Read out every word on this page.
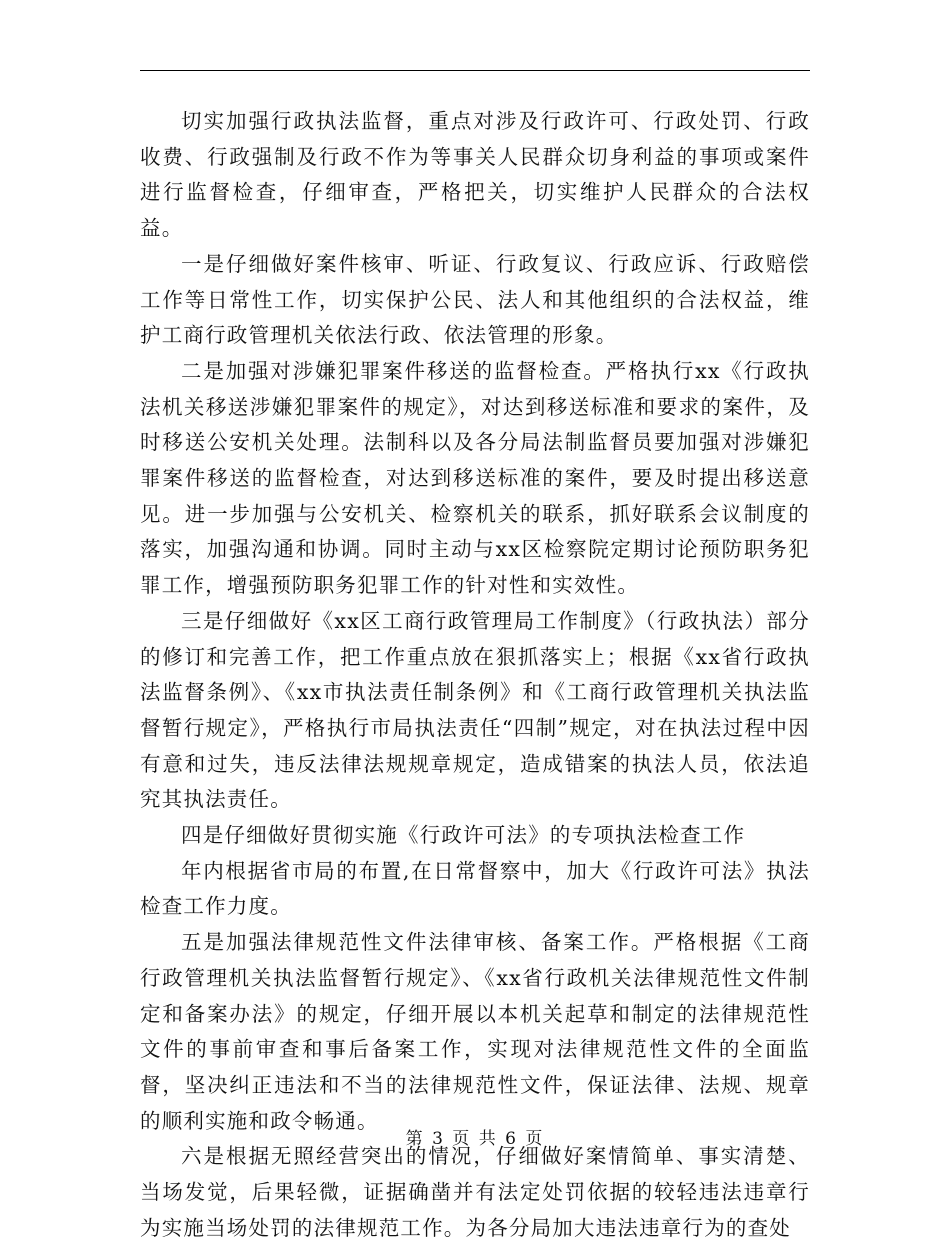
切实加强行政执法监督，重点对涉及行政许可、行政处罚、行政收费、行政强制及行政不作为等事关人民群众切身利益的事项或案件进行监督检查，仔细审查，严格把关，切实维护人民群众的合法权益。

一是仔细做好案件核审、听证、行政复议、行政应诉、行政赔偿工作等日常性工作，切实保护公民、法人和其他组织的合法权益，维护工商行政管理机关依法行政、依法管理的形象。

二是加强对涉嫌犯罪案件移送的监督检查。严格执行xx《行政执法机关移送涉嫌犯罪案件的规定》，对达到移送标准和要求的案件，及时移送公安机关处理。法制科以及各分局法制监督员要加强对涉嫌犯罪案件移送的监督检查，对达到移送标准的案件，要及时提出移送意见。进一步加强与公安机关、检察机关的联系，抓好联系会议制度的落实，加强沟通和协调。同时主动与xx区检察院定期讨论预防职务犯罪工作，增强预防职务犯罪工作的针对性和实效性。

三是仔细做好《xx区工商行政管理局工作制度》（行政执法）部分的修订和完善工作，把工作重点放在狠抓落实上；根据《xx省行政执法监督条例》、《xx市执法责任制条例》和《工商行政管理机关执法监督暂行规定》，严格执行市局执法责任“四制”规定，对在执法过程中因有意和过失，违反法律法规规章规定，造成错案的执法人员，依法追究其执法责任。

四是仔细做好贯彻实施《行政许可法》的专项执法检查工作

年内根据省市局的布置,在日常督察中，加大《行政许可法》执法检查工作力度。

五是加强法律规范性文件法律审核、备案工作。严格根据《工商行政管理机关执法监督暂行规定》、《xx省行政机关法律规范性文件制定和备案办法》的规定，仔细开展以本机关起草和制定的法律规范性文件的事前审查和事后备案工作，实现对法律规范性文件的全面监督，坚决纠正违法和不当的法律规范性文件，保证法律、法规、规章的顺利实施和政令畅通。

六是根据无照经营突出的情况，仔细做好案情简单、事实清楚、当场发觉，后果轻微，证据确凿并有法定处罚依据的较轻违法违章行为实施当场处罚的法律规范工作。为各分局加大违法违章行为的查处

第 3 页 共 6 页
